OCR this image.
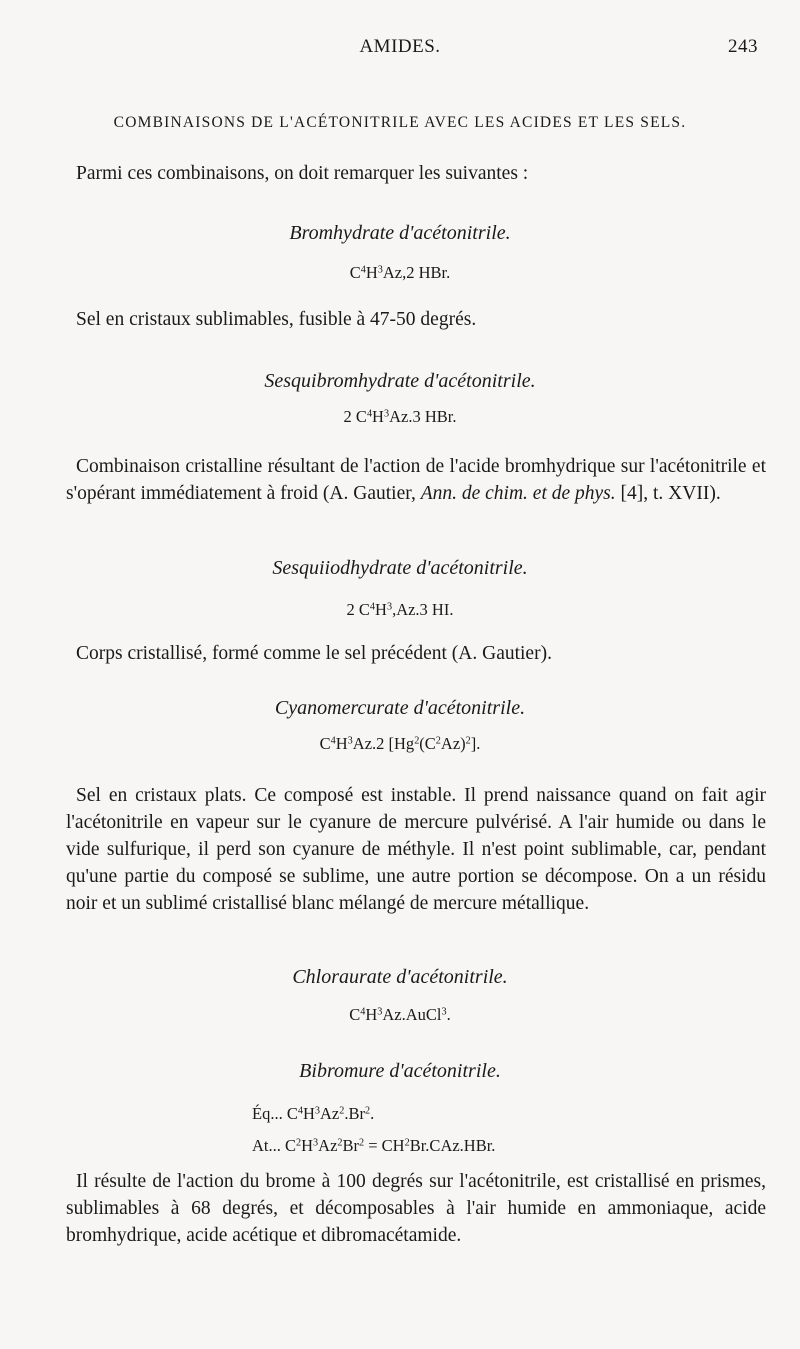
AMIDES.	243
COMBINAISONS DE L'ACÉTONITRILE AVEC LES ACIDES ET LES SELS.
Parmi ces combinaisons, on doit remarquer les suivantes :
Bromhydrate d'acétonitrile.
$C^4H^3Az,2$ HBr.
Sel en cristaux sublimables, fusible à 47-50 degrés.
Sesquibromhydrate d'acétonitrile.
2 $C^4H^3Az.3$ HBr.
Combinaison cristalline résultant de l'action de l'acide bromhydrique sur l'acétonitrile et s'opérant immédiatement à froid (A. Gautier, Ann. de chim. et de phys. [4], t. XVII).
Sesquiiodhydrate d'acétonitrile.
2 $C^4H^3,Az.3$ HI.
Corps cristallisé, formé comme le sel précédent (A. Gautier).
Cyanomercurate d'acétonitrile.
$C^4H^3Az.2$ $[Hg^2(C^2Az)^2]$.
Sel en cristaux plats. Ce composé est instable. Il prend naissance quand on fait agir l'acétonitrile en vapeur sur le cyanure de mercure pulvérisé. A l'air humide ou dans le vide sulfurique, il perd son cyanure de méthyle. Il n'est point sublimable, car, pendant qu'une partie du composé se sublime, une autre portion se décompose. On a un résidu noir et un sublimé cristallisé blanc mélangé de mercure métallique.
Chloraurate d'acétonitrile.
$C^4H^3Az.AuCl^3$.
Bibromure d'acétonitrile.
Éq... $C^4H^3Az^2.Br^2$.
At... $C^2H^3Az^2Br^2 = CH^2Br.CAz.HBr$.
Il résulte de l'action du brome à 100 degrés sur l'acétonitrile, est cristallisé en prismes, sublimables à 68 degrés, et décomposables à l'air humide en ammoniaque, acide bromhydrique, acide acétique et dibromacétamide.
